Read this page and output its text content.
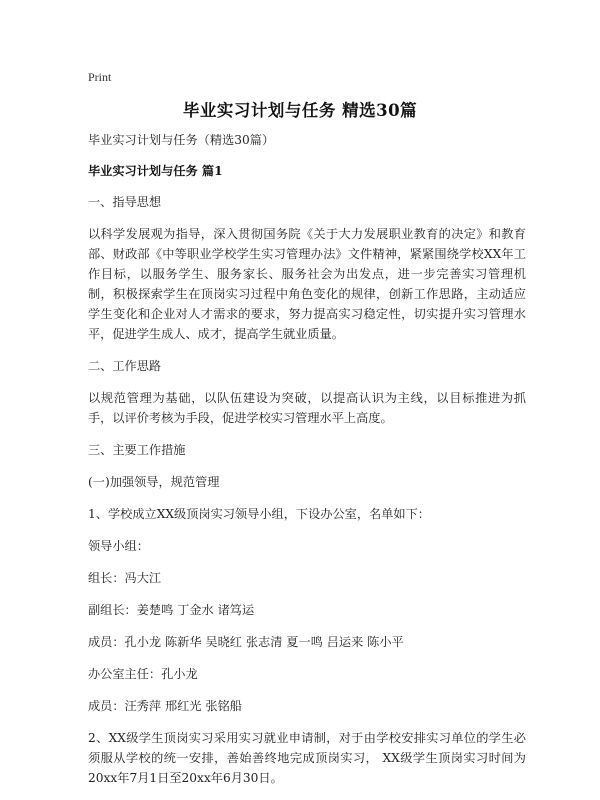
Print
毕业实习计划与任务 精选30篇

毕业实习计划与任务（精选30篇）

毕业实习计划与任务 篇1

一、指导思想

以科学发展观为指导，深入贯彻国务院《关于大力发展职业教育的决定》和教育部、财政部《中等职业学校学生实习管理办法》文件精神，紧紧围绕学校XX年工作目标，以服务学生、服务家长、服务社会为出发点，进一步完善实习管理机制，积极探索学生在顶岗实习过程中角色变化的规律，创新工作思路，主动适应学生变化和企业对人才需求的要求，努力提高实习稳定性，切实提升实习管理水平，促进学生成人、成才，提高学生就业质量。

二、工作思路

以规范管理为基础，以队伍建设为突破，以提高认识为主线，以目标推进为抓手，以评价考核为手段，促进学校实习管理水平上高度。

三、主要工作措施

(一)加强领导，规范管理

1、学校成立XX级顶岗实习领导小组，下设办公室，名单如下：

领导小组：

组长：冯大江

副组长：姜楚鸣 丁金水 诸笃运

成员：孔小龙 陈新华 吴晓红 张志清 夏一鸣 吕运来 陈小平

办公室主任：孔小龙

成员：汪秀萍 邢红光 张铭船

2、XX级学生顶岗实习采用实习就业申请制，对于由学校安排实习单位的学生必须服从学校的统一安排，善始善终地完成顶岗实习， XX级学生顶岗实习时间为20xx年7月1日至20xx年6月30日。
